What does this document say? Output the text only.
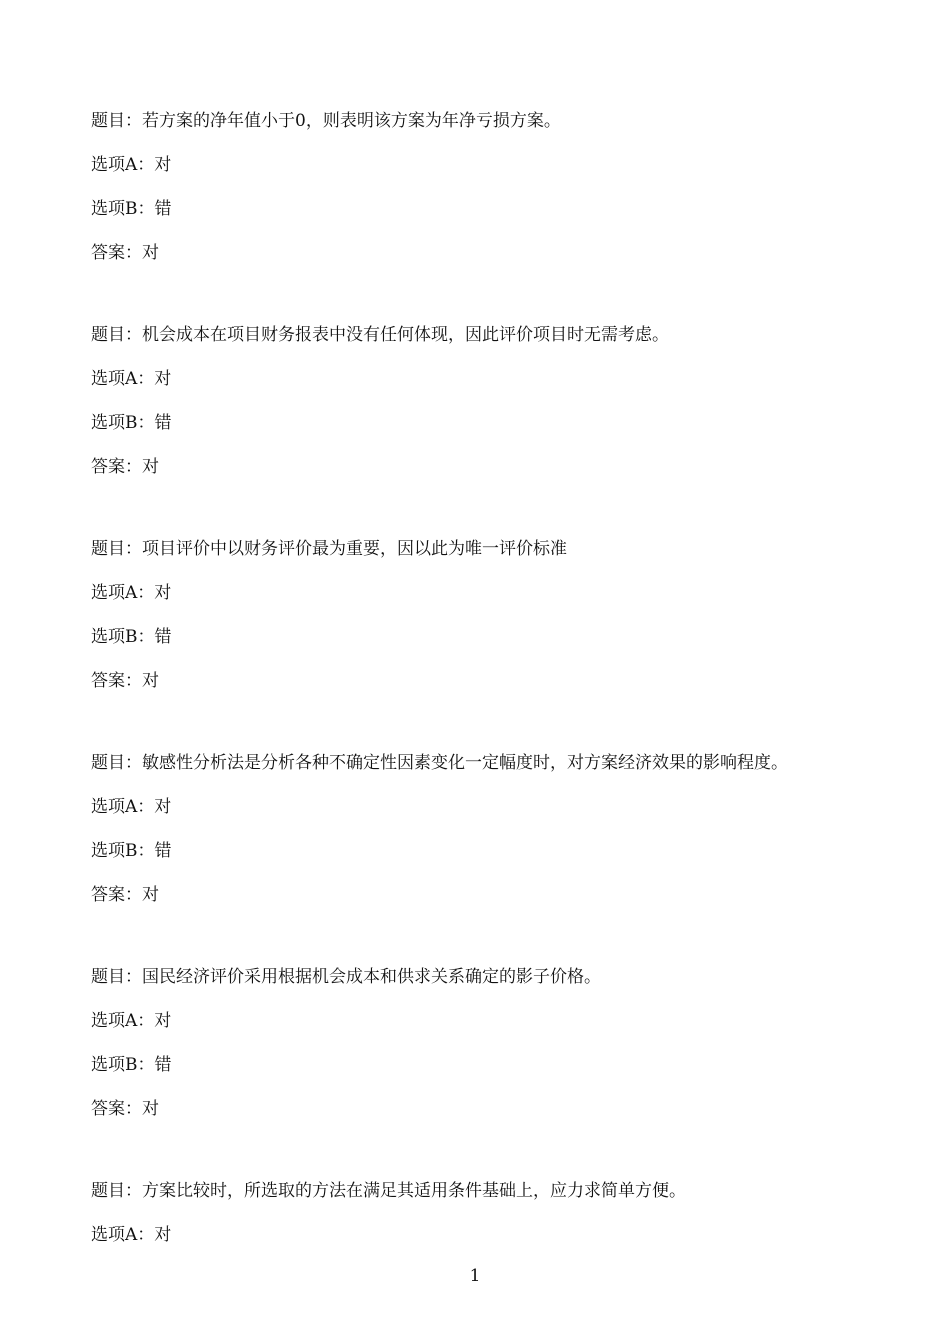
题目：若方案的净年值小于0，则表明该方案为年净亏损方案。
选项A：对
选项B：错
答案：对
题目：机会成本在项目财务报表中没有任何体现，因此评价项目时无需考虑。
选项A：对
选项B：错
答案：对
题目：项目评价中以财务评价最为重要，因以此为唯一评价标准
选项A：对
选项B：错
答案：对
题目：敏感性分析法是分析各种不确定性因素变化一定幅度时，对方案经济效果的影响程度。
选项A：对
选项B：错
答案：对
题目：国民经济评价采用根据机会成本和供求关系确定的影子价格。
选项A：对
选项B：错
答案：对
题目：方案比较时，所选取的方法在满足其适用条件基础上，应力求简单方便。
选项A：对
1
